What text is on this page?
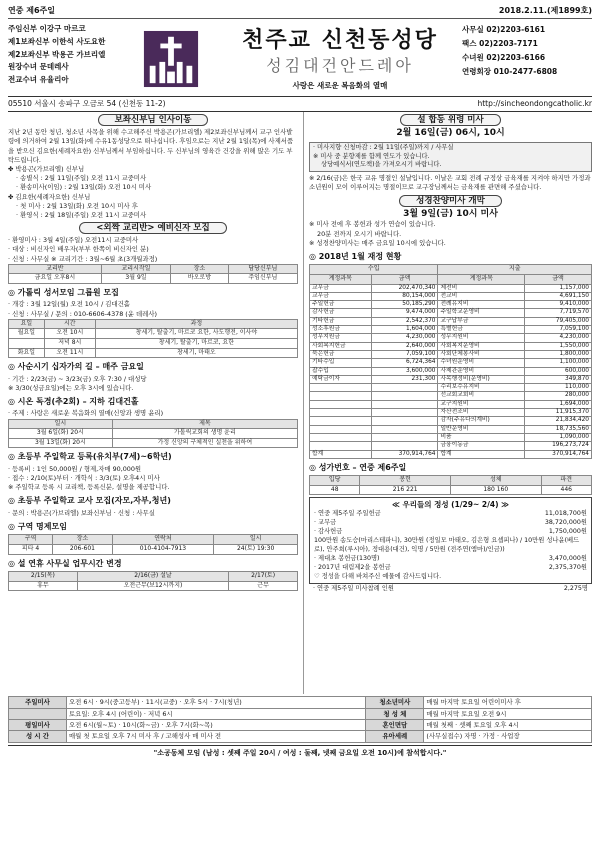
연중 제6주일	2018.2.11.(제1899호)
주임신부 이강구 마르코
제1보좌신부 이한석 사도요한
제2보좌신부 박용곤 가브리엘
원장수녀 문데레사
전교수녀 유율리아
천주교 신천동성당
성김대건안드레아
사랑은 새로운 복음화의 열매
사무실 02)2203-6161
팩스 02)2203-7171
수녀원 02)2203-6166
연령회장 010-2477-6808
05510 서울시 송파구 오금로 54 (신천동 11-2)	http://sincheondongcatholic.kr
보좌신부님 인사이동

지난 2년 동안 청년, 청소년 사목을 위해 수고해주신 박용곤(가브리엘) 제2보좌신부님께서 교구 인사발령에 의거하여 2월 13일(화)에 수유1동성당으로 떠나십니다. 후임으로는 지난 2월 1일(목)에 사제서품을 받으신 김요한(세례자요한) 신부님께서 부임하십니다. 두 신부님의 영육간 건강을 위해 많은 기도 부탁드립니다.

✤ 박용곤(가브리엘) 신부님

· 송별식 : 2월 11일(주일) 오전 11시 교중미사

· 환송미사(이임) : 2월 13일(화) 오전 10시 미사

✤ 김요한(세례자요한) 신부님

· 첫 미사 : 2월 13일(화) 오전 10시 미사 후

· 환영식 : 2월 18일(주일) 오전 11시 교중미사

<외짝 교리반> 예비신자 모집

· 환영미사 : 3월 4일(주일) 오전11시 교중미사

· 대상 : 비신자인 배우자(부부 한쪽이 비신자인 분)

· 신청 : 사무실 ※ 교리기간 : 3월~6월 초(3개월과정)

교리반	교리시작일	장소	담당신부님
금요일 오후8시	3월 9일	바오로방	주임신부님
◎ 가톨릭 성서모임 그룹원 모집

· 개강 : 3월 12일(월) 오전 10시 / 김대건홀

· 신청 : 사무실 / 문의 : 010-6606-4378 (윤 데레사)

요일	시간	과정
월요일	오전 10시	창세기, 탈출기, 마르코 요한, 사도행전, 이사야
	저녁 8시	창세기, 탈출기, 마르코, 요한
화요일	오전 11시	창세기, 마태오
◎ 사순시기 십자가의 길 – 매주 금요일

· 기간 : 2/23(금) ~ 3/23(금) 오후 7:30 / 대성당

※ 3/30(성금요일)에는 오후 3시에 있습니다.

◎ 시온 독경(추2회) – 지하 김대건홀

· 주제 : 사랑은 새로운 복음화의 열매(신앙과 생명 윤리)

일시	제목
3월 6일(화) 20시	가톨릭교회의 생명 윤리
3월 13일(화) 20시	가정 신앙의 구체적인 실천을 위하여
◎ 초등부 주일학교 등록(유치부(7세)~6학년)

· 등록비 : 1인 50,000원 / 형제,자매 90,000원

· 접수 : 2/10(토)부터 · 개학식 : 3/3(토) 오후4시 미사

※ 주일학교 등록 시 교리책, 등록신분, 설명을 제공합니다.

◎ 초등부 주일학교 교사 모집(자모,자부,청년)

· 문의 : 박용곤(가브리엘) 보좌신부님 · 신청 : 사무실

◎ 구역 명제모임
구역	장소	연락처	일시
피타 4	206-601	010-4104-7913	24(토) 19:30
◎ 설 연휴 사무실 업무시간 변경
2/15(목)	2/16(금) 설날	2/17(토)
휴무	오전근무(보12시까지)	근무
설 합동 위령 미사
2월 16일(금) 06시, 10시
· 미사지향 신청마감 : 2월 11일(주일)까지 / 사무실
※ 미사 중 분향제를 함께 연도가 있습니다.
상당예식서(연도책)을 가져오시기 바랍니다.

※ 2/16(금)은 한국 교유 명절인 설날입니다. 이날은 교회 전례 규정상 금육재를 지켜야 하지만 가정과 소년원이 모이 이루어지는 명절이므로 교구장님께서는 금육재를 관면해 주셨습니다.

성경찬양미사 개막
3월 9일(금) 10시 미사

※ 미사 전에 후 봉헌과 성가 연습이 있습니다.

20분 전까지 오시기 바랍니다.

※ 성경찬양미사는 매주 금요일 10시에 있습니다.

◎ 2018년 1월 재정 현황
수입		지출	
계정과목	금액	계정과목	금액
교무금	202,470,340	제전비	1,157,000
교무금	80,154,000	전교비	4,691,150
주일헌금	50,185,290	전례유지비	9,410,000
감사헌금	9,474,000	주일학교운영비	7,719,570
기타헌금	2,542,370	교구납부금	79,405,000
성소후원금	1,604,000	특별헌금	7,059,100
성무지원금	4,230,000	성무지원비	4,230,000
사회복지헌금	2,640,000	사회복지운영비	1,550,000
묵은헌금	7,059,100	사회단체봉사비	1,800,000
기타수입	6,724,364	수녀원운영비	1,100,000
잡수입	3,600,000	사제관운영비	600,000
예탁금이자	231,300	사목행정비(운영비)	349,870
		수리보수유지비	110,000
		선교회교회비	280,000
		교구지원비	1,694,000
		자산전조비	11,915,370
		감자(주유다의계비)	21,834,420
		일반운영비	18,735,560
		비품	1,090,000
		금융이동금	196,273,724
합계	370,914,764	합계	370,914,764
◎ 성가번호 – 연중 제6주일
입당	봉헌	성체	파견
48	216 221	180 160	446
≪ 우리들의 정성 (1/29~ 2/4) ≫
· 연중 제5주일 주일헌금	11,018,700원
· 교무금	38,720,000원
· 감사헌금	1,750,000원
100만원 송도승(마리스테파니), 30만원 (정일모 마태오, 김은형 요셉피나) / 10만원 성나윤(베드로), 안주희(루시아), 정대용(대건), 익명 / 5만원 (전주연(엠마)/인금))
· 제대초 봉헌금(130명)	3,470,000원
· 2017년 대림제2을 봉헌금	2,375,370원
♡ 정성을 다해 바쳐주신 예물에 감사드립니다.
· 연중 제5주일 미사참례 인원	2,275명
주일미사	오전 6시 · 9시(중고등부) · 11시(교중) · 오후 5시 · 7시(청년)	청소년미사	매월 마지막 토요일 어린이미사 후
	토요일: 오후 4시 (어린이) · 저녁 6시	청 성 체	매월 마지막 토요일 오전 9시
평일미사	오전 6시(월~토) · 10시(화~금) · 오후 7시(화~목)	혼인면담	매월 첫째 · 셋째 토요일 오후 4시
성 시 간	매월 첫 토요일 오후 7시 미사 후 / 고해성사 매 미사 전	유아세례	(사무실접수) 자명 · 가정 · 사업장
"소공동체 모임 (남성 : 셋째 주일 20시 / 여성 : 둘째, 넷째 금요일 오전 10시)에 참석합시다."
